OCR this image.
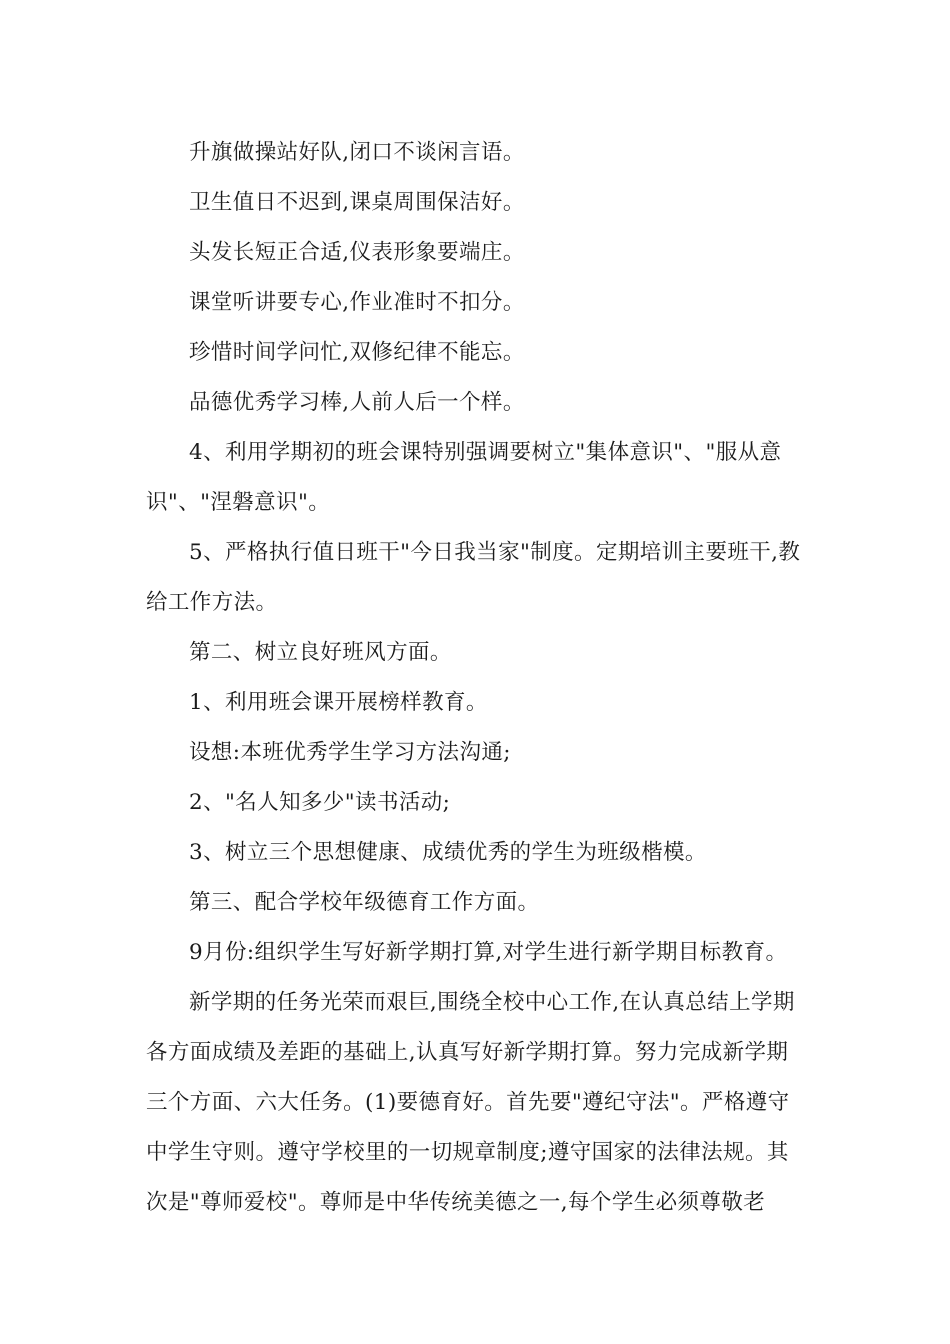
升旗做操站好队,闭口不谈闲言语。

卫生值日不迟到,课桌周围保洁好。

头发长短正合适,仪表形象要端庄。

课堂听讲要专心,作业准时不扣分。

珍惜时间学问忙,双修纪律不能忘。

品德优秀学习棒,人前人后一个样。

4、利用学期初的班会课特别强调要树立"集体意识"、"服从意识"、"涅磐意识"。

5、严格执行值日班干"今日我当家"制度。定期培训主要班干,教给工作方法。

第二、树立良好班风方面。

1、利用班会课开展榜样教育。

设想:本班优秀学生学习方法沟通;

2、"名人知多少"读书活动;

3、树立三个思想健康、成绩优秀的学生为班级楷模。

第三、配合学校年级德育工作方面。

9月份:组织学生写好新学期打算,对学生进行新学期目标教育。

新学期的任务光荣而艰巨,围绕全校中心工作,在认真总结上学期各方面成绩及差距的基础上,认真写好新学期打算。努力完成新学期三个方面、六大任务。(1)要德育好。首先要"遵纪守法"。严格遵守中学生守则。遵守学校里的一切规章制度;遵守国家的法律法规。其次是"尊师爱校"。尊师是中华传统美德之一,每个学生必须尊敬老
